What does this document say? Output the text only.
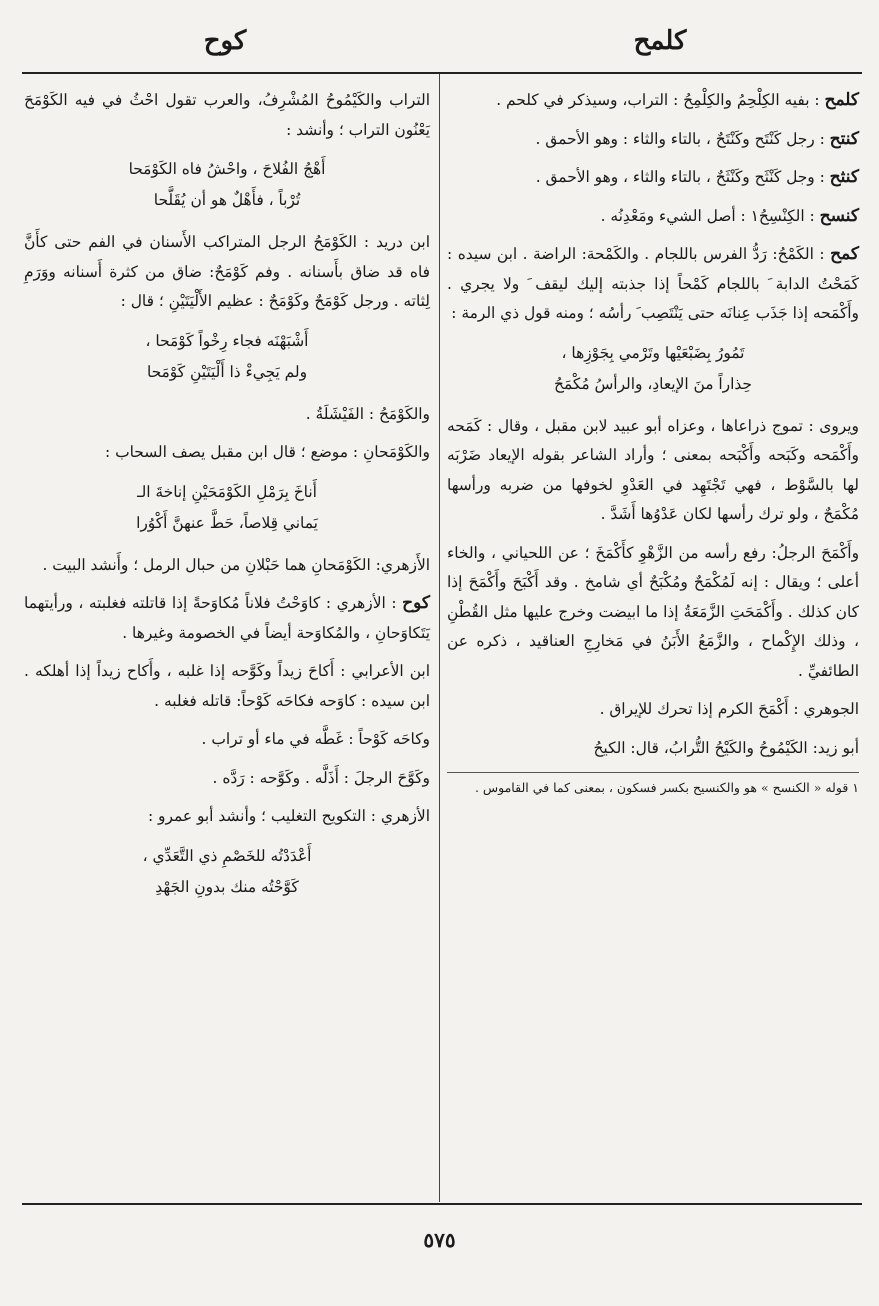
كلمح
كوح
كلمح : بفيه الكِلْحِمُ والكِلْمِحُ : التراب، وسيذكر في كلحم .
كنتح : رجل كَنْتَح وكَنْتَحٌ ، بالتاء والثاء : وهو الأحمق .
كنثح : وجل كَنْثَح وكَنْثَحٌ ، بالتاء والثاء ، وهو الأحمق .
كنسح : الكِنْسِحُ١ : أصل الشيء ومَعْدِنُه .
كمح : الكَمْحُ: رَدُّ الفرس باللجام . والكَمْحة: الراضة . ابن سيده : كَمَحْتُ الدابة َ باللجام كَمْحاً إذا جذبته إليك ليقف َ ولا يجري . وأَكْمَحه إذا جَذَب عِنانَه حتى يَنْتَصِب َ رأسُه ؛ ومنه قول ذي الرمة :
تَمُورُ بِضَبْعَيْها وتَرْمي بِجَوْزِها ،
حِذاراً منَ الإيعادِ، والرأسُ مُكْمَحُ
ويروى : تموج ذراعاها ، وعزاه أبو عبيد لابن مقبل ، وقال : كَمَحه وأَكْمَحه وكَبَحه وأَكْبَحه بمعنى ؛ وأراد الشاعر بقوله الإيعاد ضَرْبَه لها بالسَّوْط ، فهي تَجْتَهِد في العَدْوِ لخوفها من ضربه ورأسها مُكْمَحٌ ، ولو ترك رأسها لكان عَدْوُها أَشَدَّ .
وأَكْمَحَ الرجلُ: رفع رأسه من الزَّهْوِ كأَكْمَخَ ؛ عن اللحياني ، والخاء أعلى ؛ ويقال : إنه لَمُكْمَحٌ ومُكْبَحٌ أي شامخ . وقد أَكْبَحَ وأَكْمَحَ إذا كان كذلك . وأَكْمَحَتِ الزَّمَعَةُ إذا ما ابيضت وخرج عليها مثل القُطْنِ ، وذلك الإِكْماح ، والزَّمَعُ الأَبَنُ في مَخارِجِ العناقيد ، ذكره عن الطائفيِّ .
الجوهري : أَكْمَحَ الكرم إذا تحرك للإيراق .
أبو زيد: الكَيْمُوحُ والكَيْحُ التُّرابُ، قال: الكيحُ
١ قوله « الكنسح » هو والكنسيح بكسر فسكون ، بمعنى كما في القاموس .
التراب والكَيْمُوحُ المُشْرِفُ، والعرب تقول احْثُ في فيه الكَوْمَحَ يَعْنُون التراب ؛ وأنشد :
أَهْجُ الفُلاحَ ، واحْشُ فاه الكَوْمَحا
تُرْباً ، فأَهْلٌ هو أن يُقَلَّحا
ابن دريد : الكَوْمَحُ الرجل المتراكب الأَسنان في الفم حتى كأَنَّ فاه قد ضاق بأَسنانه . وفم كَوْمَحٌ: ضاق من كثرة أَسنانه ووَرَمِ لِثاته . ورجل كَوْمَحٌ وكَوْمَحٌ : عظيم الأَلْيَتَيْنِ ؛ قال :
أَشْبَهْنَه فجاء رِخْواً كَوْمَحا ،
ولم يَجِيءْ ذا أَلْيَتَيْنِ كَوْمَحا
والكَوْمَحُ : الفَيْشَلَةُ .
والكَوْمَحانِ : موضع ؛ قال ابن مقبل يصف السحاب :
أَناخَ بِرَمْلِ الكَوْمَحَيْنِ إناخةَ الـ
يَماني قِلاصاً، حَطَّ عنهنَّ أَكْوُرا
الأَزهري: الكَوْمَحانِ هما حَبْلانِ من حبال الرمل ؛ وأَنشد البيت .
كوح : الأزهري : كاوَحْتُ فلاناً مُكاوَحةً إذا قاتلته فغلبته ، ورأيتهما يَتَكاوَحانِ ، والمُكاوَحة أيضاً في الخصومة وغيرها .
ابن الأعرابي : أَكاحَ زيداً وكَوَّحه إذا غلبه ، وأَكاح زيداً إذا أهلكه . ابن سيده : كاوَحه فكاحَه كَوْحاً: قاتله فغلبه .
وكاحَه كَوْحاً : غَطَّه في ماء أو تراب .
وكَوَّحَ الرجلَ : أَذَلَّه . وكَوَّحه : رَدَّه .
الأزهري : التكويح التغليب ؛ وأنشد أبو عمرو :
أَعْدَدْتُه للخَصْمِ ذي التَّعَدِّي ،
كَوَّحْتُه منك بدونِ الجَهْدِ
٥٧٥
